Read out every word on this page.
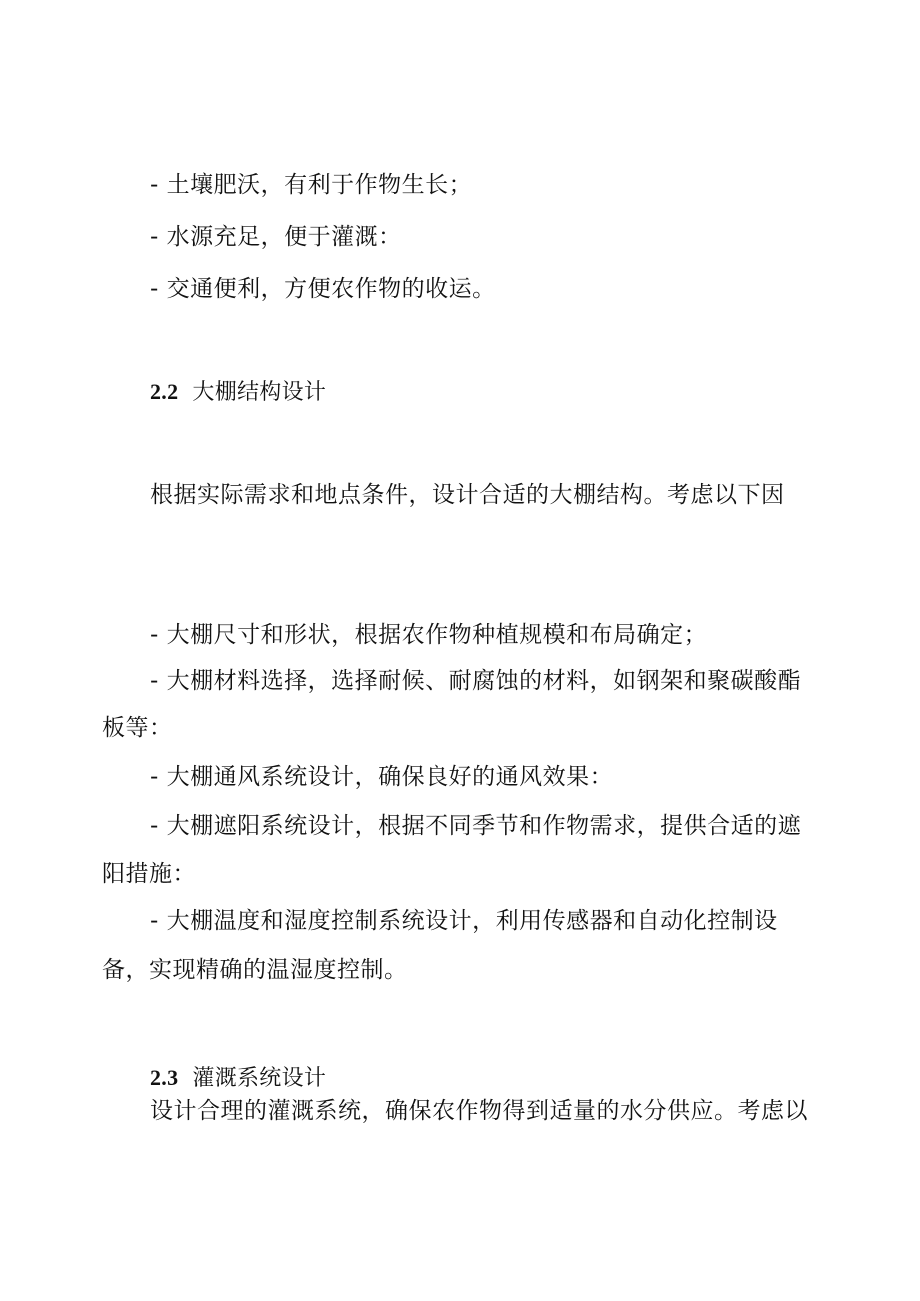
- 土壤肥沃，有利于作物生长；
- 水源充足，便于灌溉：
- 交通便利，方便农作物的收运。
2.2 大棚结构设计
根据实际需求和地点条件，设计合适的大棚结构。考虑以下因
- 大棚尺寸和形状，根据农作物种植规模和布局确定；
- 大棚材料选择，选择耐候、耐腐蚀的材料，如钢架和聚碳酸酯
板等：
- 大棚通风系统设计，确保良好的通风效果：
- 大棚遮阳系统设计，根据不同季节和作物需求，提供合适的遮
阳措施：
- 大棚温度和湿度控制系统设计，利用传感器和自动化控制设
备，实现精确的温湿度控制。
2.3 灌溉系统设计
设计合理的灌溉系统，确保农作物得到适量的水分供应。考虑以
